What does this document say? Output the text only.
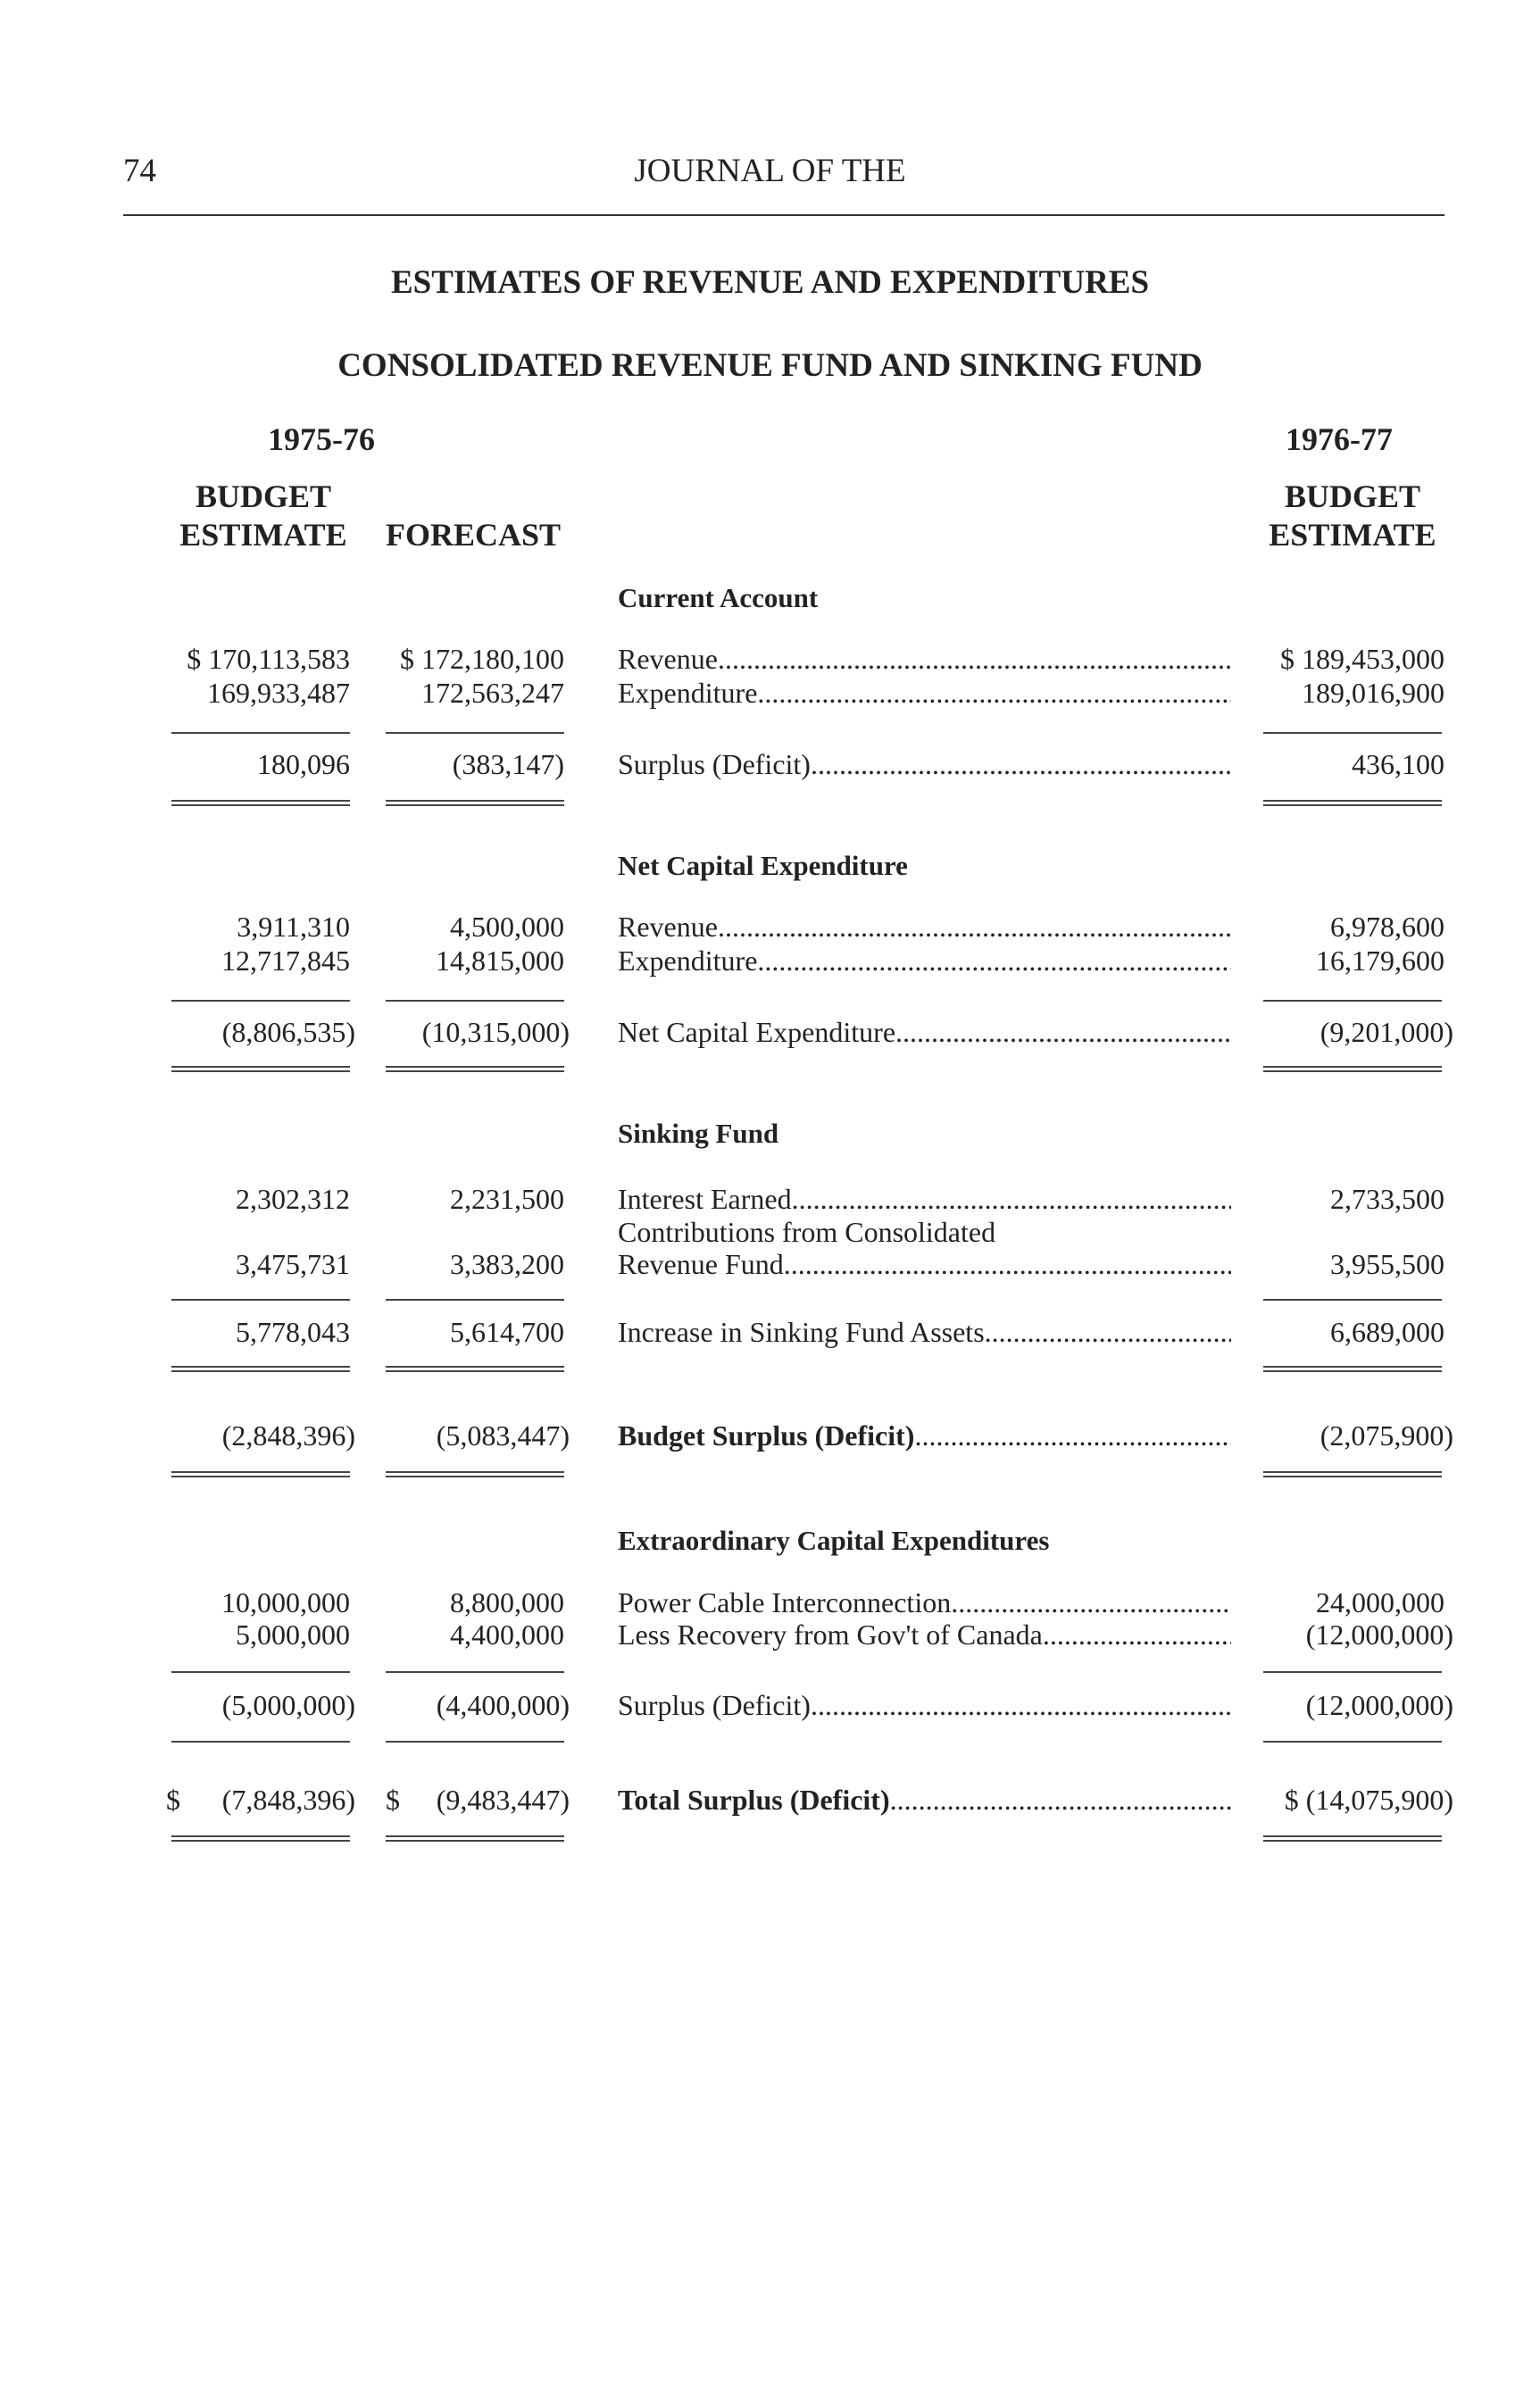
74	JOURNAL OF THE
ESTIMATES OF REVENUE AND EXPENDITURES
CONSOLIDATED REVENUE FUND AND SINKING FUND
1975-76	1976-77
BUDGET
ESTIMATE	FORECAST
BUDGET
ESTIMATE
Current Account
$ 170,113,583	$ 172,180,100 Revenue .....	$ 189,453,000
169,933,487	172,563,247 Expenditure .....	189,016,900
180,096	(383,147) Surplus (Deficit) .....	436,100
Net Capital Expenditure
3,911,310	4,500,000 Revenue .....	6,978,600
12,717,845	14,815,000 Expenditure .....	16,179,600
(8,806,535)	(10,315,000) Net Capital Expenditure .....	(9,201,000)
Sinking Fund
2,302,312	2,231,500 Interest Earned .....	2,733,500
Contributions from Consolidated
3,475,731	3,383,200 Revenue Fund .....	3,955,500
5,778,043	5,614,700 Increase in Sinking Fund Assets .....	6,689,000
(2,848,396)	(5,083,447) Budget Surplus (Deficit) .....	(2,075,900)
Extraordinary Capital Expenditures
10,000,000	8,800,000 Power Cable Interconnection .....	24,000,000
5,000,000	4,400,000 Less Recovery from Gov't of Canada .....	(12,000,000)
(5,000,000)	(4,400,000) Surplus (Deficit) .....	(12,000,000)
$	(7,848,396) $	(9,483,447) Total Surplus (Deficit) .....	$ (14,075,900)
